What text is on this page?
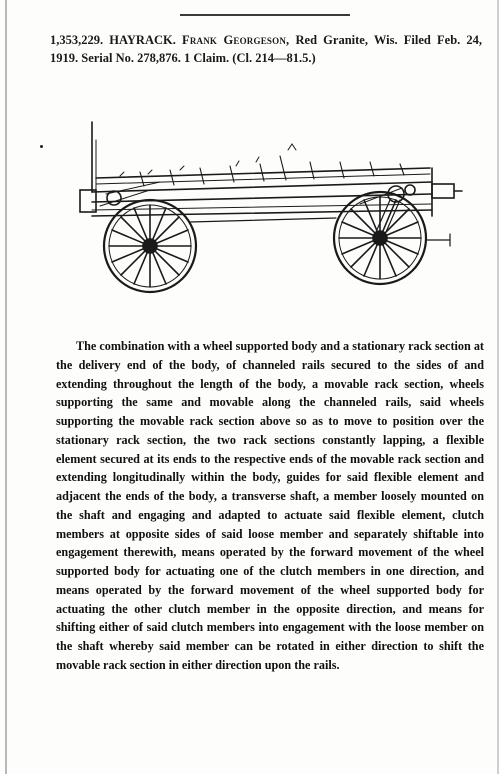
1,353,229. HAYRACK. Frank Georgeson, Red Granite, Wis. Filed Feb. 24, 1919. Serial No. 278,876. 1 Claim. (Cl. 214—81.5.)
The combination with a wheel supported body and a stationary rack section at the delivery end of the body, of channeled rails secured to the sides of and extending throughout the length of the body, a movable rack section, wheels supporting the same and movable along the channeled rails, said wheels supporting the movable rack section above so as to move to position over the stationary rack section, the two rack sections constantly lapping, a flexible element secured at its ends to the respective ends of the movable rack section and extending longitudinally within the body, guides for said flexible element and adjacent the ends of the body, a transverse shaft, a member loosely mounted on the shaft and engaging and adapted to actuate said flexible element, clutch members at opposite sides of said loose member and separately shiftable into engagement therewith, means operated by the forward movement of the wheel supported body for actuating one of the clutch members in one direction, and means operated by the forward movement of the wheel supported body for actuating the other clutch member in the opposite direction, and means for shifting either of said clutch members into engagement with the loose member on the shaft whereby said member can be rotated in either direction to shift the movable rack section in either direction upon the rails.
